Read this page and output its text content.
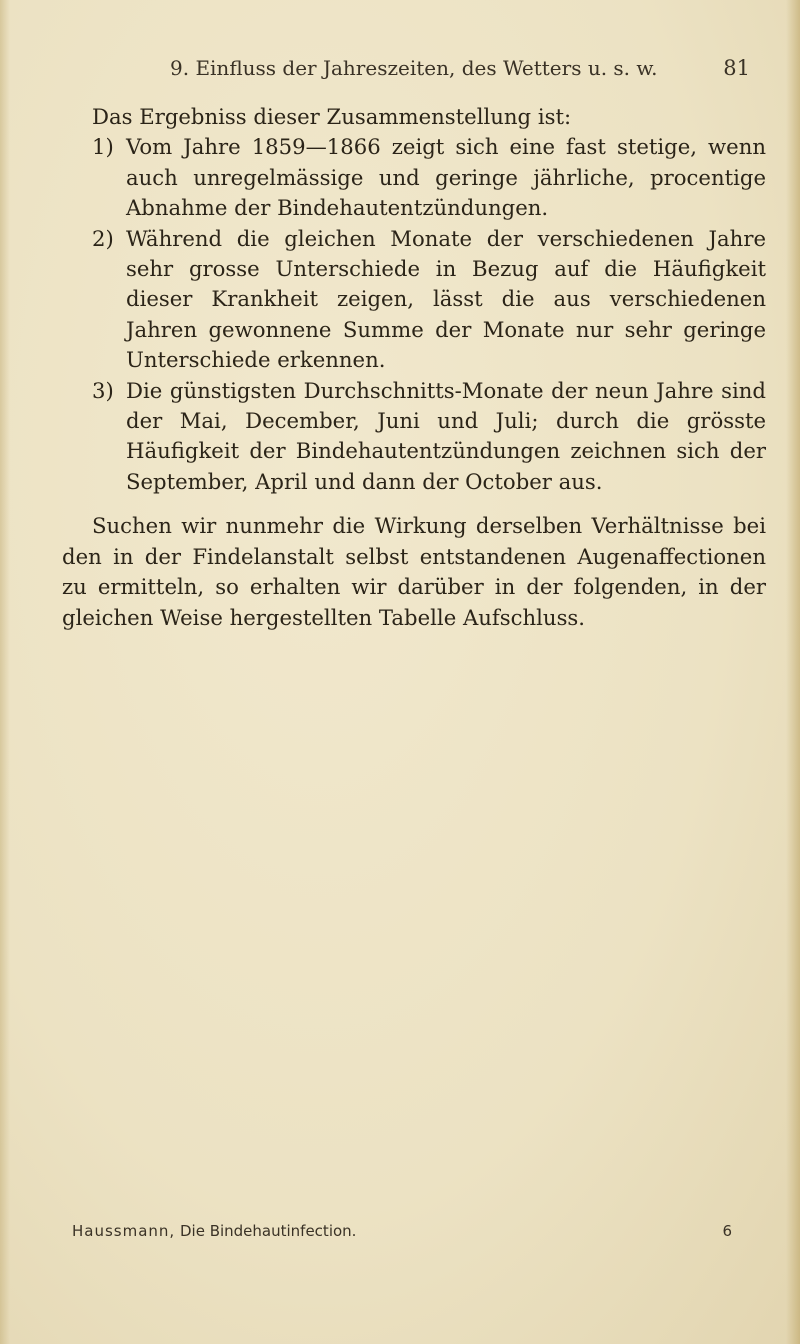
9. Einfluss der Jahreszeiten, des Wetters u. s. w.	81

Das Ergebniss dieser Zusammenstellung ist:

1) Vom Jahre 1859—1866 zeigt sich eine fast stetige, wenn auch unregelmässige und geringe jährliche, procentige Abnahme der Bindehautentzündungen.

2) Während die gleichen Monate der verschiedenen Jahre sehr grosse Unterschiede in Bezug auf die Häufigkeit dieser Krankheit zeigen, lässt die aus verschiedenen Jahren gewonnene Summe der Monate nur sehr geringe Unterschiede erkennen.

3) Die günstigsten Durchschnitts-Monate der neun Jahre sind der Mai, December, Juni und Juli; durch die grösste Häufigkeit der Bindehautentzündungen zeichnen sich der September, April und dann der October aus.

Suchen wir nunmehr die Wirkung derselben Verhältnisse bei den in der Findelanstalt selbst entstandenen Augenaffectionen zu ermitteln, so erhalten wir darüber in der folgenden, in der gleichen Weise hergestellten Tabelle Aufschluss.

Haussmann, Die Bindehautinfection.	6
